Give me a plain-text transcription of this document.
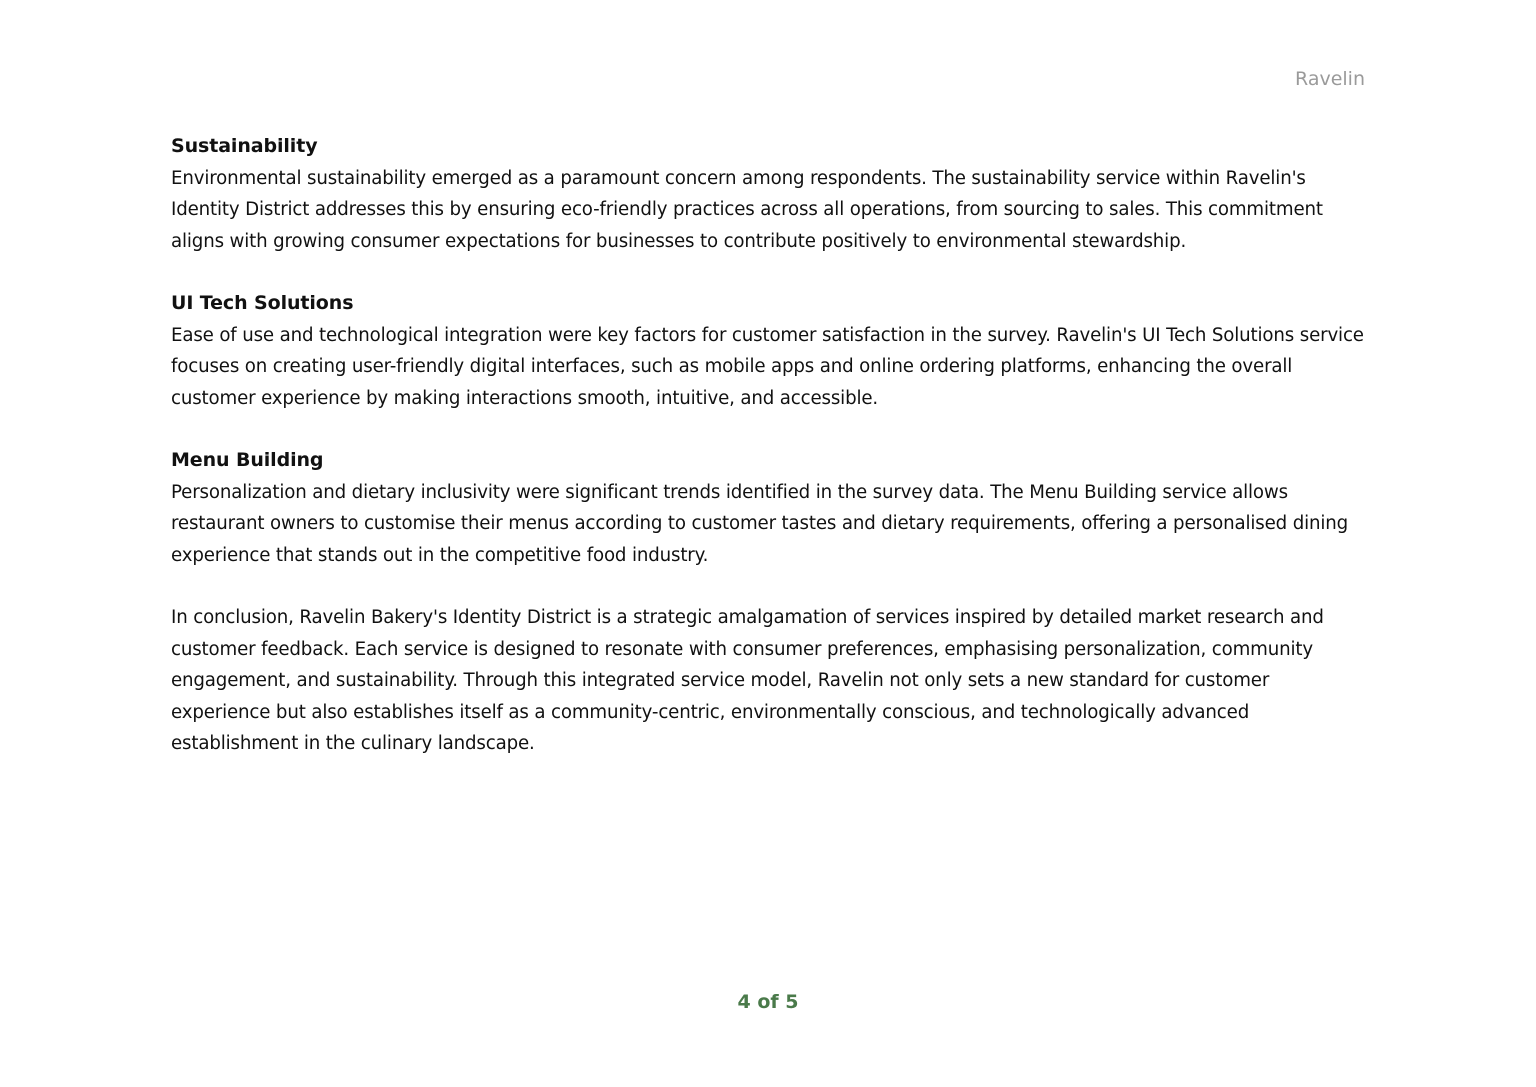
Ravelin

Sustainability

Environmental sustainability emerged as a paramount concern among respondents. The sustainability service within Ravelin's Identity District addresses this by ensuring eco-friendly practices across all operations, from sourcing to sales. This commitment aligns with growing consumer expectations for businesses to contribute positively to environmental stewardship.

UI Tech Solutions

Ease of use and technological integration were key factors for customer satisfaction in the survey. Ravelin's UI Tech Solutions service focuses on creating user-friendly digital interfaces, such as mobile apps and online ordering platforms, enhancing the overall customer experience by making interactions smooth, intuitive, and accessible.

Menu Building

Personalization and dietary inclusivity were significant trends identified in the survey data. The Menu Building service allows restaurant owners to customise their menus according to customer tastes and dietary requirements, offering a personalised dining experience that stands out in the competitive food industry.

In conclusion, Ravelin Bakery's Identity District is a strategic amalgamation of services inspired by detailed market research and customer feedback. Each service is designed to resonate with consumer preferences, emphasising personalization, community engagement, and sustainability. Through this integrated service model, Ravelin not only sets a new standard for customer experience but also establishes itself as a community-centric, environmentally conscious, and technologically advanced establishment in the culinary landscape.

4 of 5
